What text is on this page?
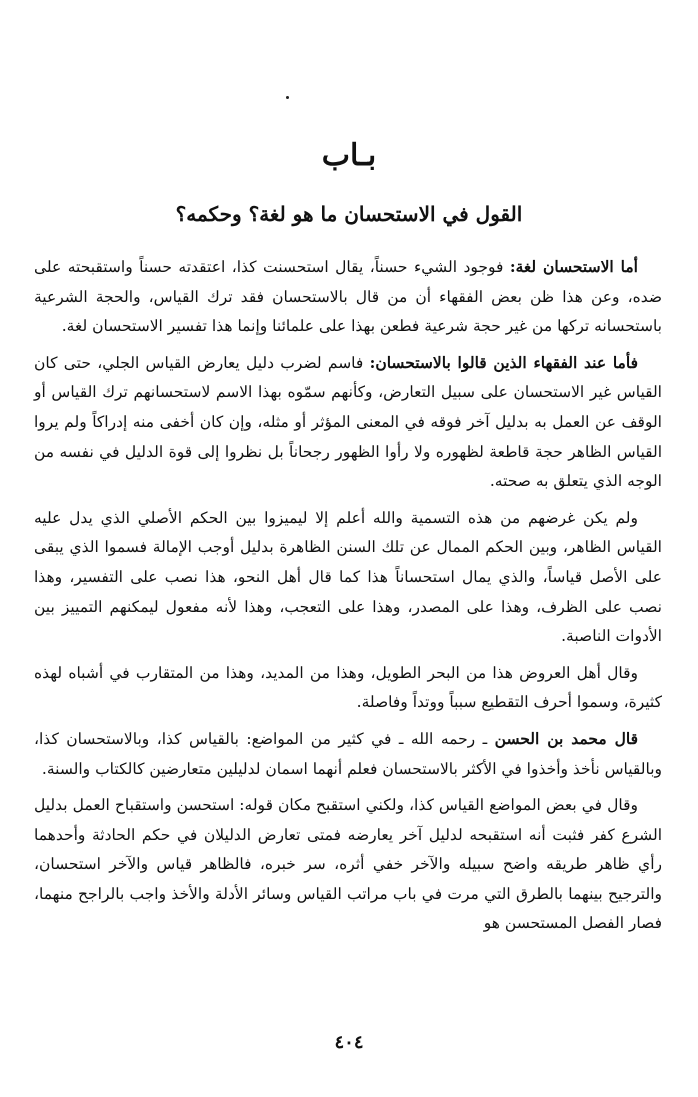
بـاب
القول في الاستحسان ما هو لغة؟ وحكمه؟

أما الاستحسان لغة: فوجود الشيء حسناً، يقال استحسنت كذا، اعتقدته حسناً واستقبحته على ضده، وعن هذا ظن بعض الفقهاء أن من قال بالاستحسان فقد ترك القياس، والحجة الشرعية باستحسانه تركها من غير حجة شرعية فطعن بهذا على علمائنا وإنما هذا تفسير الاستحسان لغة.

فأما عند الفقهاء الذين قالوا بالاستحسان: فاسم لضرب دليل يعارض القياس الجلي، حتى كان القياس غير الاستحسان على سبيل التعارض، وكأنهم سمّوه بهذا الاسم لاستحسانهم ترك القياس أو الوقف عن العمل به بدليل آخر فوقه في المعنى المؤثر أو مثله، وإن كان أخفى منه إدراكاً ولم يروا القياس الظاهر حجة قاطعة لظهوره ولا رأوا الظهور رجحاناً بل نظروا إلى قوة الدليل في نفسه من الوجه الذي يتعلق به صحته.

ولم يكن غرضهم من هذه التسمية والله أعلم إلا ليميزوا بين الحكم الأصلي الذي يدل عليه القياس الظاهر، وبين الحكم الممال عن تلك السنن الظاهرة بدليل أوجب الإمالة فسموا الذي يبقى على الأصل قياساً، والذي يمال استحساناً هذا كما قال أهل النحو، هذا نصب على التفسير، وهذا نصب على الظرف، وهذا على المصدر، وهذا على التعجب، وهذا لأنه مفعول ليمكنهم التمييز بين الأدوات الناصبة.

وقال أهل العروض هذا من البحر الطويل، وهذا من المديد، وهذا من المتقارب في أشباه لهذه كثيرة، وسموا أحرف التقطيع سبباً ووتداً وفاصلة.

قال محمد بن الحسن ـ رحمه الله ـ في كثير من المواضع: بالقياس كذا، وبالاستحسان كذا، وبالقياس نأخذ وأخذوا في الأكثر بالاستحسان فعلم أنهما اسمان لدليلين متعارضين كالكتاب والسنة.

وقال في بعض المواضع القياس كذا، ولكني استقبح مكان قوله: استحسن واستقباح العمل بدليل الشرع كفر فثبت أنه استقبحه لدليل آخر يعارضه فمتى تعارض الدليلان في حكم الحادثة وأحدهما رأي ظاهر طريقه واضح سبيله والآخر خفي أثره، سر خبره، فالظاهر قياس والآخر استحسان، والترجيح بينهما بالطرق التي مرت في باب مراتب القياس وسائر الأدلة والأخذ واجب بالراجح منهما، فصار الفصل المستحسن هو

٤٠٤
